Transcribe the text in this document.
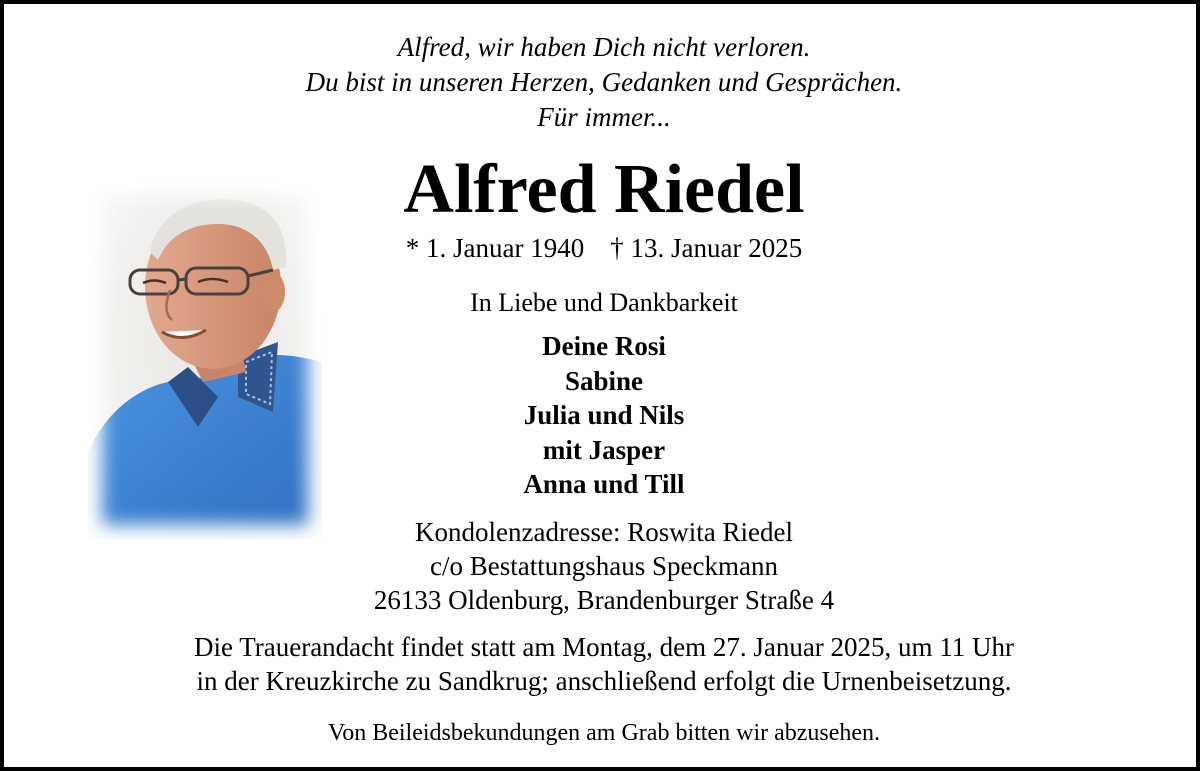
Alfred, wir haben Dich nicht verloren.
Du bist in unseren Herzen, Gedanken und Gesprächen.
Für immer...
Alfred Riedel
* 1. Januar 1940 † 13. Januar 2025
In Liebe und Dankbarkeit
Deine Rosi
Sabine
Julia und Nils
mit Jasper
Anna und Till
Kondolenzadresse: Roswita Riedel
c/o Bestattungshaus Speckmann
26133 Oldenburg, Brandenburger Straße 4
Die Trauerandacht findet statt am Montag, dem 27. Januar 2025, um 11 Uhr
in der Kreuzkirche zu Sandkrug; anschließend erfolgt die Urnenbeisetzung.
Von Beileidsbekundungen am Grab bitten wir abzusehen.
